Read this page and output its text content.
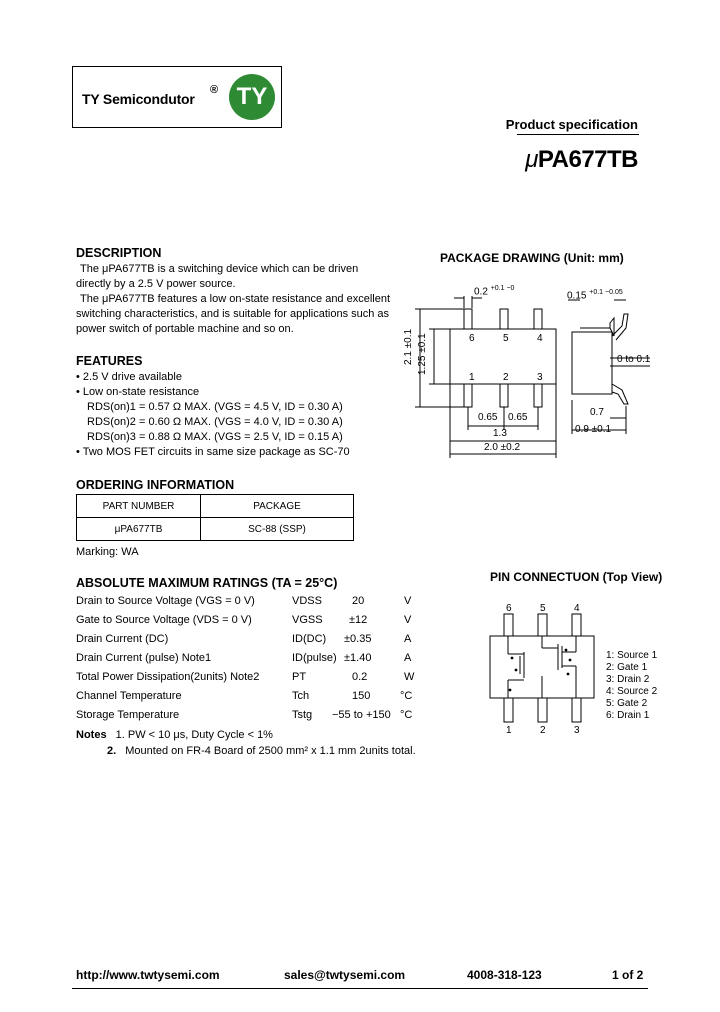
TY Semicondutor
® TY
Product specification
μPA677TB
DESCRIPTION
The μPA677TB is a switching device which can be driven
directly by a 2.5 V power source.
The μPA677TB features a low on-state resistance and excellent
switching characteristics, and is suitable for applications such as
power switch of portable machine and so on.
FEATURES
• 2.5 V drive available
• Low on-state resistance
RDS(on)1 = 0.57 Ω MAX. (VGS = 4.5 V, ID = 0.30 A)
RDS(on)2 = 0.60 Ω MAX. (VGS = 4.0 V, ID = 0.30 A)
RDS(on)3 = 0.88 Ω MAX. (VGS = 2.5 V, ID = 0.15 A)
• Two MOS FET circuits in same size package as SC-70
ORDERING INFORMATION
PART NUMBER	PACKAGE
μPA677TB	SC-88 (SSP)
Marking: WA
ABSOLUTE MAXIMUM RATINGS (TA = 25°C)
Drain to Source Voltage (VGS = 0 V)	VDSS	20	V
Gate to Source Voltage (VDS = 0 V)	VGSS ±12	V
Drain Current (DC)	ID(DC) ±0.35	A
Drain Current (pulse) Note1	ID(pulse) ±1.40	A
Total Power Dissipation(2units) Note2	PT	0.2	W
Channel Temperature	Tch	150	°C
Storage Temperature	Tstg −55 to +150 °C
Notes 1. PW < 10 μs, Duty Cycle < 1%
2. Mounted on FR-4 Board of 2500 mm² x 1.1 mm 2units total.
PACKAGE DRAWING (Unit: mm)
0.2 $^{+0.1 -0}$
0.15 $^{+0.1 -0.05}$
2.1 ±0.1 1.25 ±0.1	0 to 0.1
0.65 0.65
1.3
2.0 ±0.2
0.7
0.9 ±0.1
6	5	4
1	2	3
PIN CONNECTUON (Top View)
6	5	4
1	2	3
1: Source 1
2: Gate 1
3: Drain 2
4: Source 2
5: Gate 2
6: Drain 1
http://www.twtysemi.com	sales@twtysemi.com	4008-318-123	1 of 2
